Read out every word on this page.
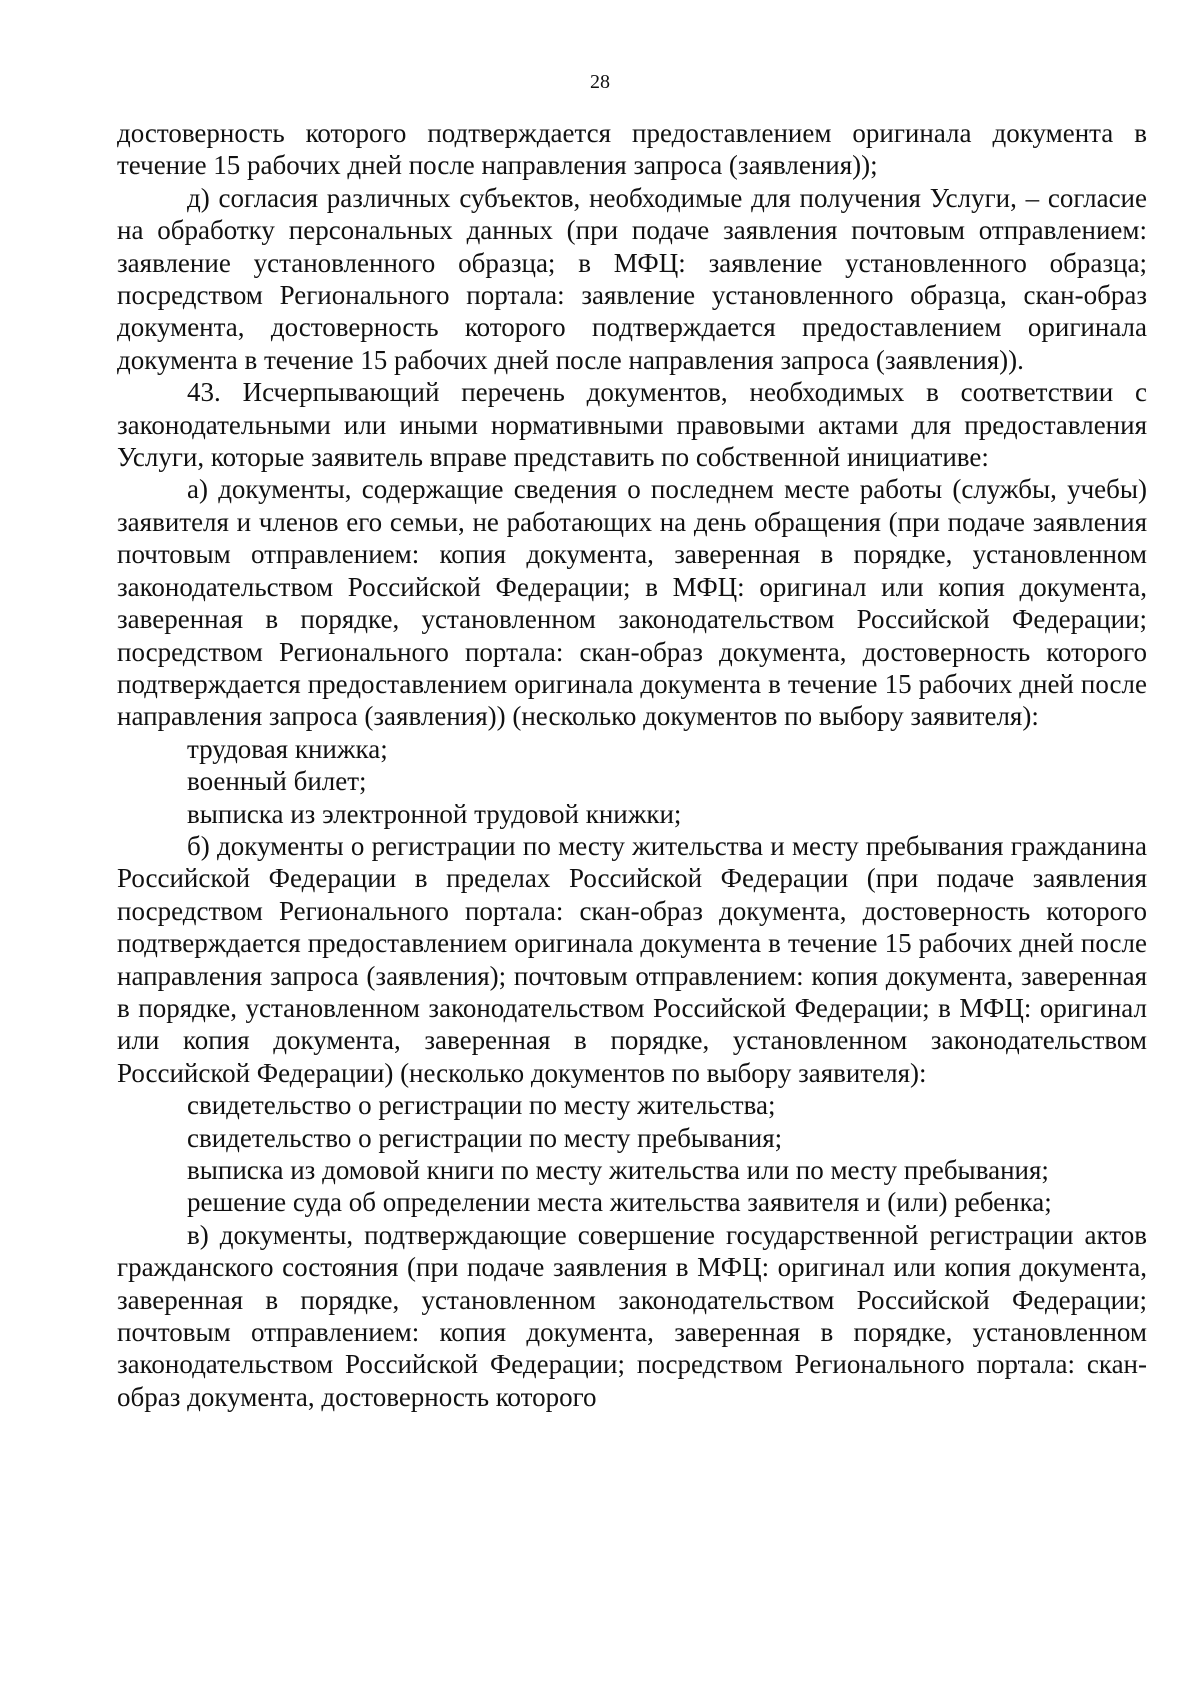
28

достоверность которого подтверждается предоставлением оригинала документа в течение 15 рабочих дней после направления запроса (заявления));

д) согласия различных субъектов, необходимые для получения Услуги, – согласие на обработку персональных данных (при подаче заявления почтовым отправлением: заявление установленного образца; в МФЦ: заявление установленного образца; посредством Регионального портала: заявление установленного образца, скан-образ документа, достоверность которого подтверждается предоставлением оригинала документа в течение 15 рабочих дней после направления запроса (заявления)).

43. Исчерпывающий перечень документов, необходимых в соответствии с законодательными или иными нормативными правовыми актами для предоставления Услуги, которые заявитель вправе представить по собственной инициативе:

а) документы, содержащие сведения о последнем месте работы (службы, учебы) заявителя и членов его семьи, не работающих на день обращения (при подаче заявления почтовым отправлением: копия документа, заверенная в порядке, установленном законодательством Российской Федерации; в МФЦ: оригинал или копия документа, заверенная в порядке, установленном законодательством Российской Федерации; посредством Регионального портала: скан-образ документа, достоверность которого подтверждается предоставлением оригинала документа в течение 15 рабочих дней после направления запроса (заявления)) (несколько документов по выбору заявителя):

трудовая книжка;

военный билет;

выписка из электронной трудовой книжки;

б) документы о регистрации по месту жительства и месту пребывания гражданина Российской Федерации в пределах Российской Федерации (при подаче заявления посредством Регионального портала: скан-образ документа, достоверность которого подтверждается предоставлением оригинала документа в течение 15 рабочих дней после направления запроса (заявления); почтовым отправлением: копия документа, заверенная в порядке, установленном законодательством Российской Федерации; в МФЦ: оригинал или копия документа, заверенная в порядке, установленном законодательством Российской Федерации) (несколько документов по выбору заявителя):

свидетельство о регистрации по месту жительства;

свидетельство о регистрации по месту пребывания;

выписка из домовой книги по месту жительства или по месту пребывания;

решение суда об определении места жительства заявителя и (или) ребенка;

в) документы, подтверждающие совершение государственной регистрации актов гражданского состояния (при подаче заявления в МФЦ: оригинал или копия документа, заверенная в порядке, установленном законодательством Российской Федерации; почтовым отправлением: копия документа, заверенная в порядке, установленном законодательством Российской Федерации; посредством Регионального портала: скан-образ документа, достоверность которого
